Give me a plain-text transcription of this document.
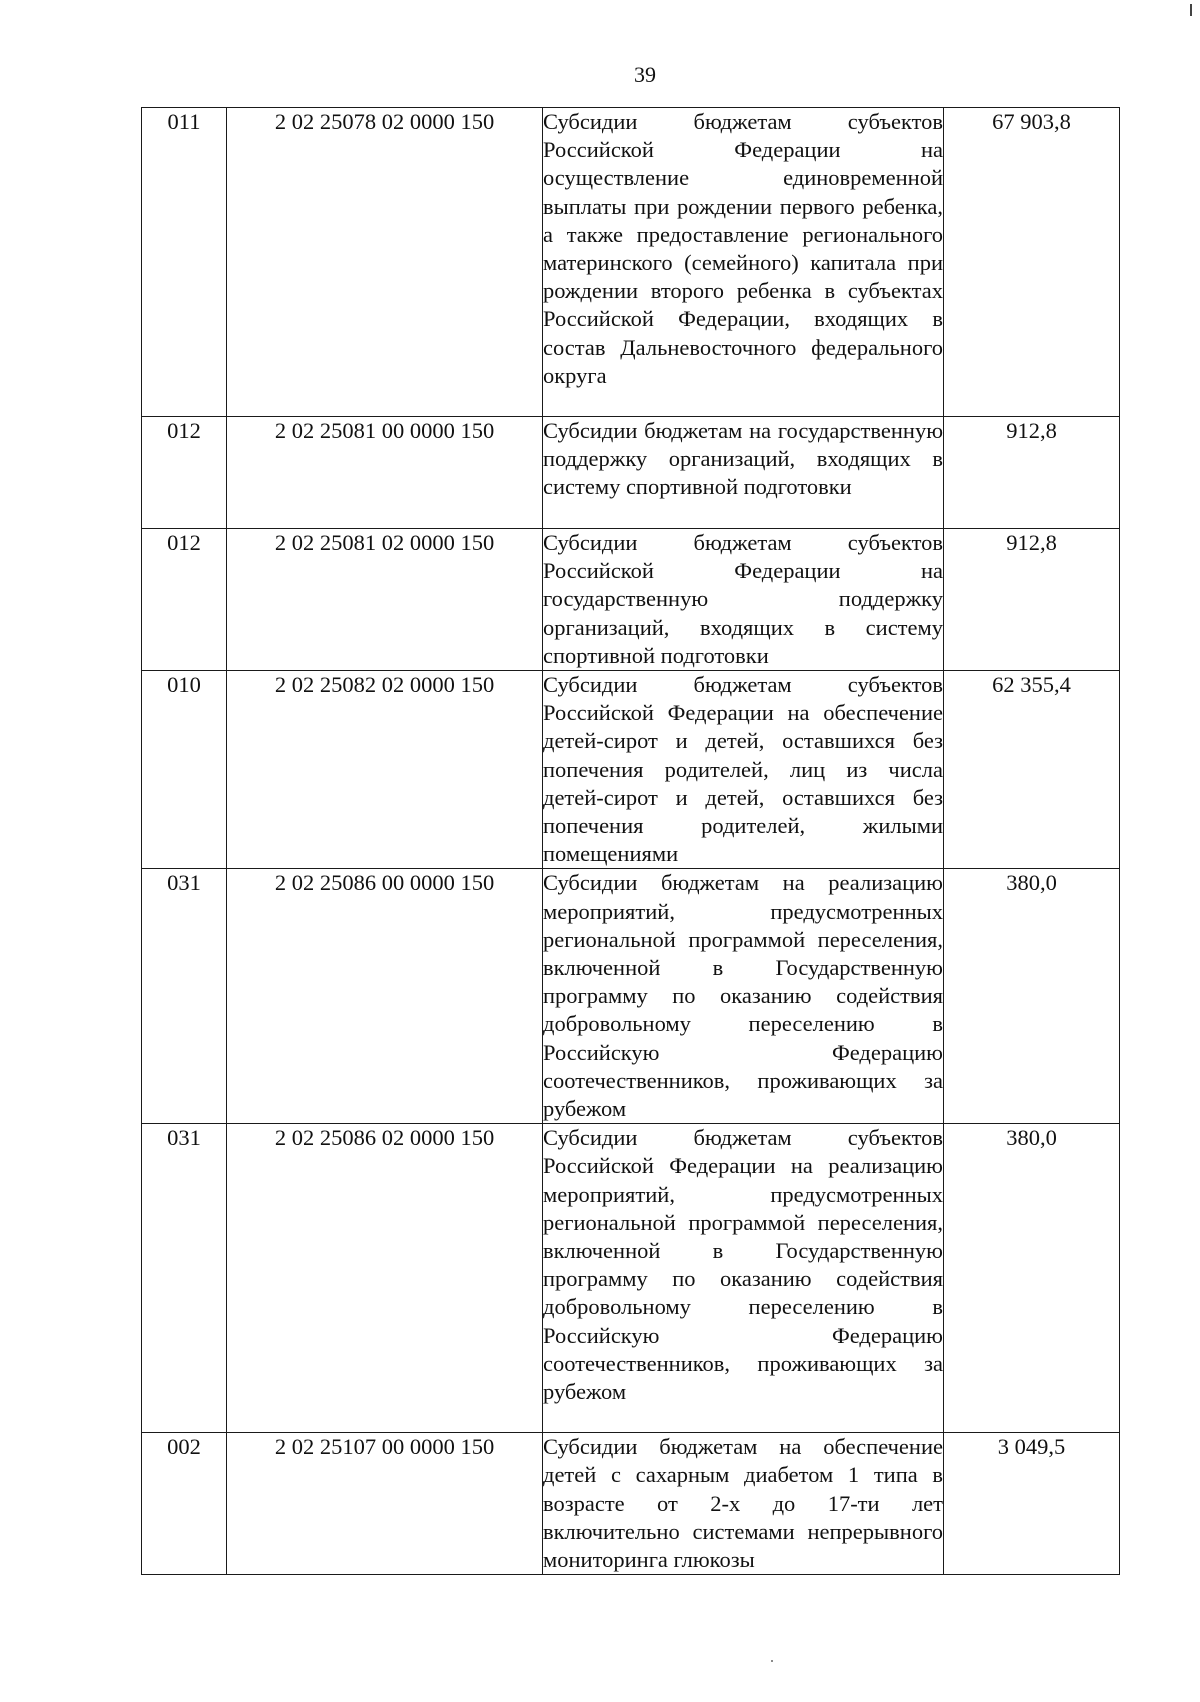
39
011	2 02 25078 02 0000 150	Субсидии бюджетам субъектов Российской Федерации на осуществление единовременной выплаты при рождении первого ребенка, а также предоставление регионального материнского (семейного) капитала при рождении второго ребенка в субъектах Российской Федерации, входящих в состав Дальневосточного федерального округа	67 903,8
012	2 02 25081 00 0000 150	Субсидии бюджетам на государственную поддержку организаций, входящих в систему спортивной подготовки	912,8
012	2 02 25081 02 0000 150	Субсидии бюджетам субъектов Российской Федерации на государственную поддержку организаций, входящих в систему спортивной подготовки	912,8
010	2 02 25082 02 0000 150	Субсидии бюджетам субъектов Российской Федерации на обеспечение детей-сирот и детей, оставшихся без попечения родителей, лиц из числа детей-сирот и детей, оставшихся без попечения родителей, жилыми помещениями	62 355,4
031	2 02 25086 00 0000 150	Субсидии бюджетам на реализацию мероприятий, предусмотренных региональной программой переселения, включенной в Государственную программу по оказанию содействия добровольному переселению в Российскую Федерацию соотечественников, проживающих за рубежом	380,0
031	2 02 25086 02 0000 150	Субсидии бюджетам субъектов Российской Федерации на реализацию мероприятий, предусмотренных региональной программой переселения, включенной в Государственную программу по оказанию содействия добровольному переселению в Российскую Федерацию соотечественников, проживающих за рубежом	380,0
002	2 02 25107 00 0000 150	Субсидии бюджетам на обеспечение детей с сахарным диабетом 1 типа в возрасте от 2-х до 17-ти лет включительно системами непрерывного мониторинга глюкозы	3 049,5
